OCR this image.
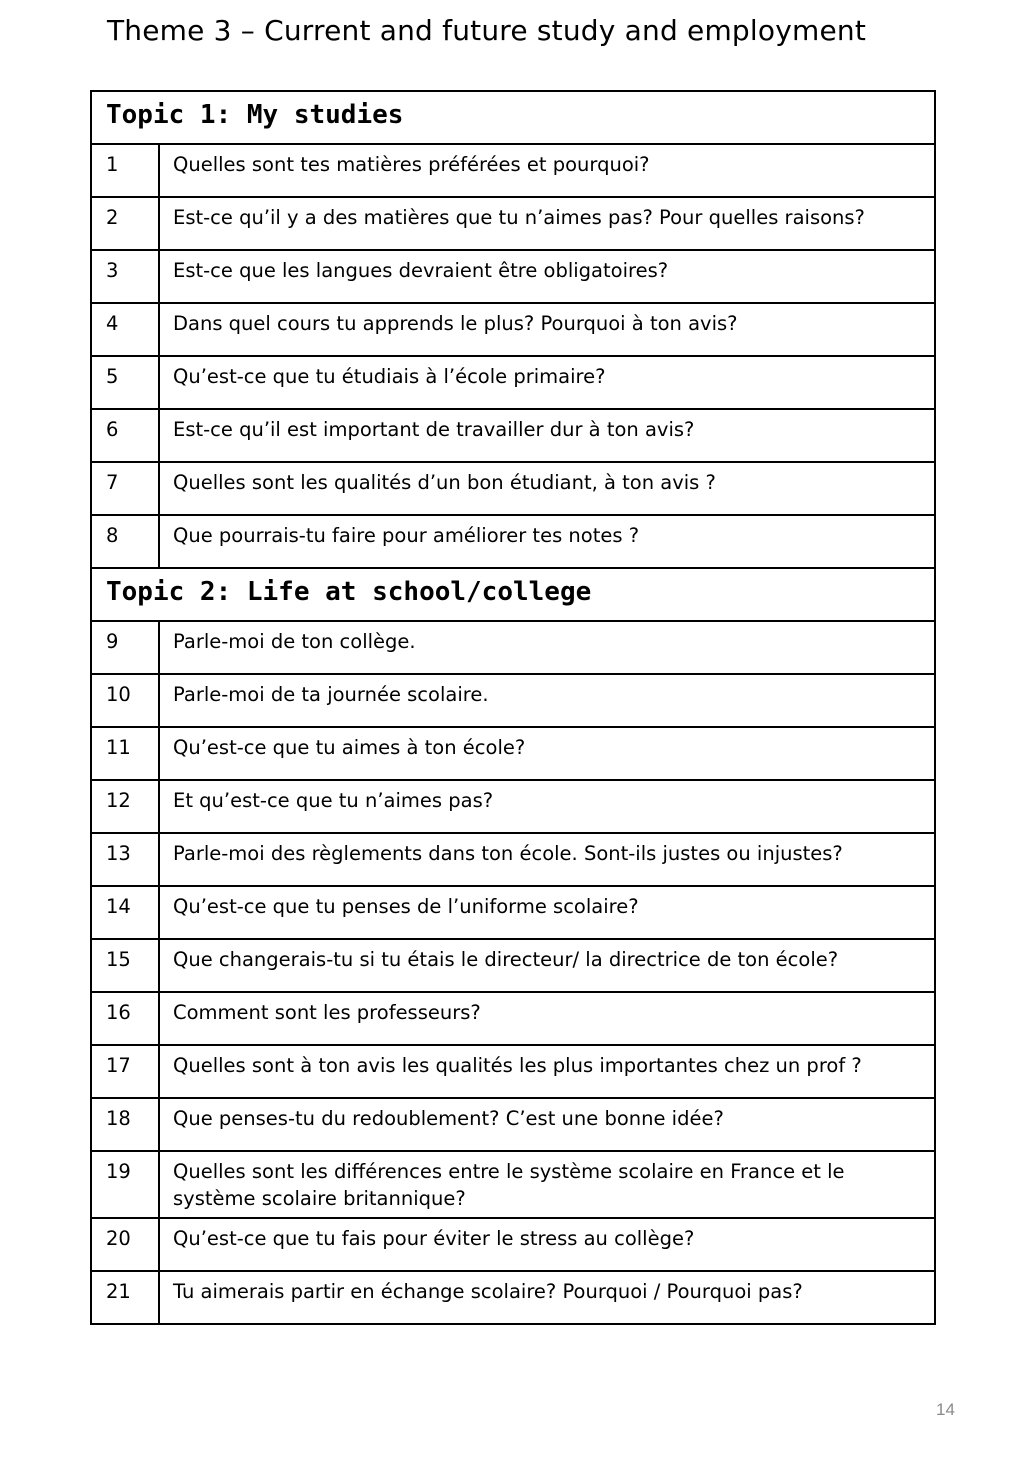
Theme 3 – Current and future study and employment
Topic 1: My studies	
1	Quelles sont tes matières préférées et pourquoi?
2	Est-ce qu’il y a des matières que tu n’aimes pas? Pour quelles raisons?
3	Est-ce que les langues devraient être obligatoires?
4	Dans quel cours tu apprends le plus? Pourquoi à ton avis?
5	Qu’est-ce que tu étudiais à l’école primaire?
6	Est-ce qu’il est important de travailler dur à ton avis?
7	Quelles sont les qualités d’un bon étudiant, à ton avis ?
8	Que pourrais-tu faire pour améliorer tes notes ?
Topic 2: Life at school/college	
9	Parle-moi de ton collège.
10	Parle-moi de ta journée scolaire.
11	Qu’est-ce que tu aimes à ton école?
12	Et qu’est-ce que tu n’aimes pas?
13	Parle-moi des règlements dans ton école. Sont-ils justes ou injustes?
14	Qu’est-ce que tu penses de l’uniforme scolaire?
15	Que changerais-tu si tu étais le directeur/ la directrice de ton école?
16	Comment sont les professeurs?
17	Quelles sont à ton avis les qualités les plus importantes chez un prof ?
18	Que penses-tu du redoublement? C’est une bonne idée?
19	Quelles sont les différences entre le système scolaire en France et le système scolaire britannique?
20	Qu’est-ce que tu fais pour éviter le stress au collège?
21	Tu aimerais partir en échange scolaire? Pourquoi / Pourquoi pas?
14
